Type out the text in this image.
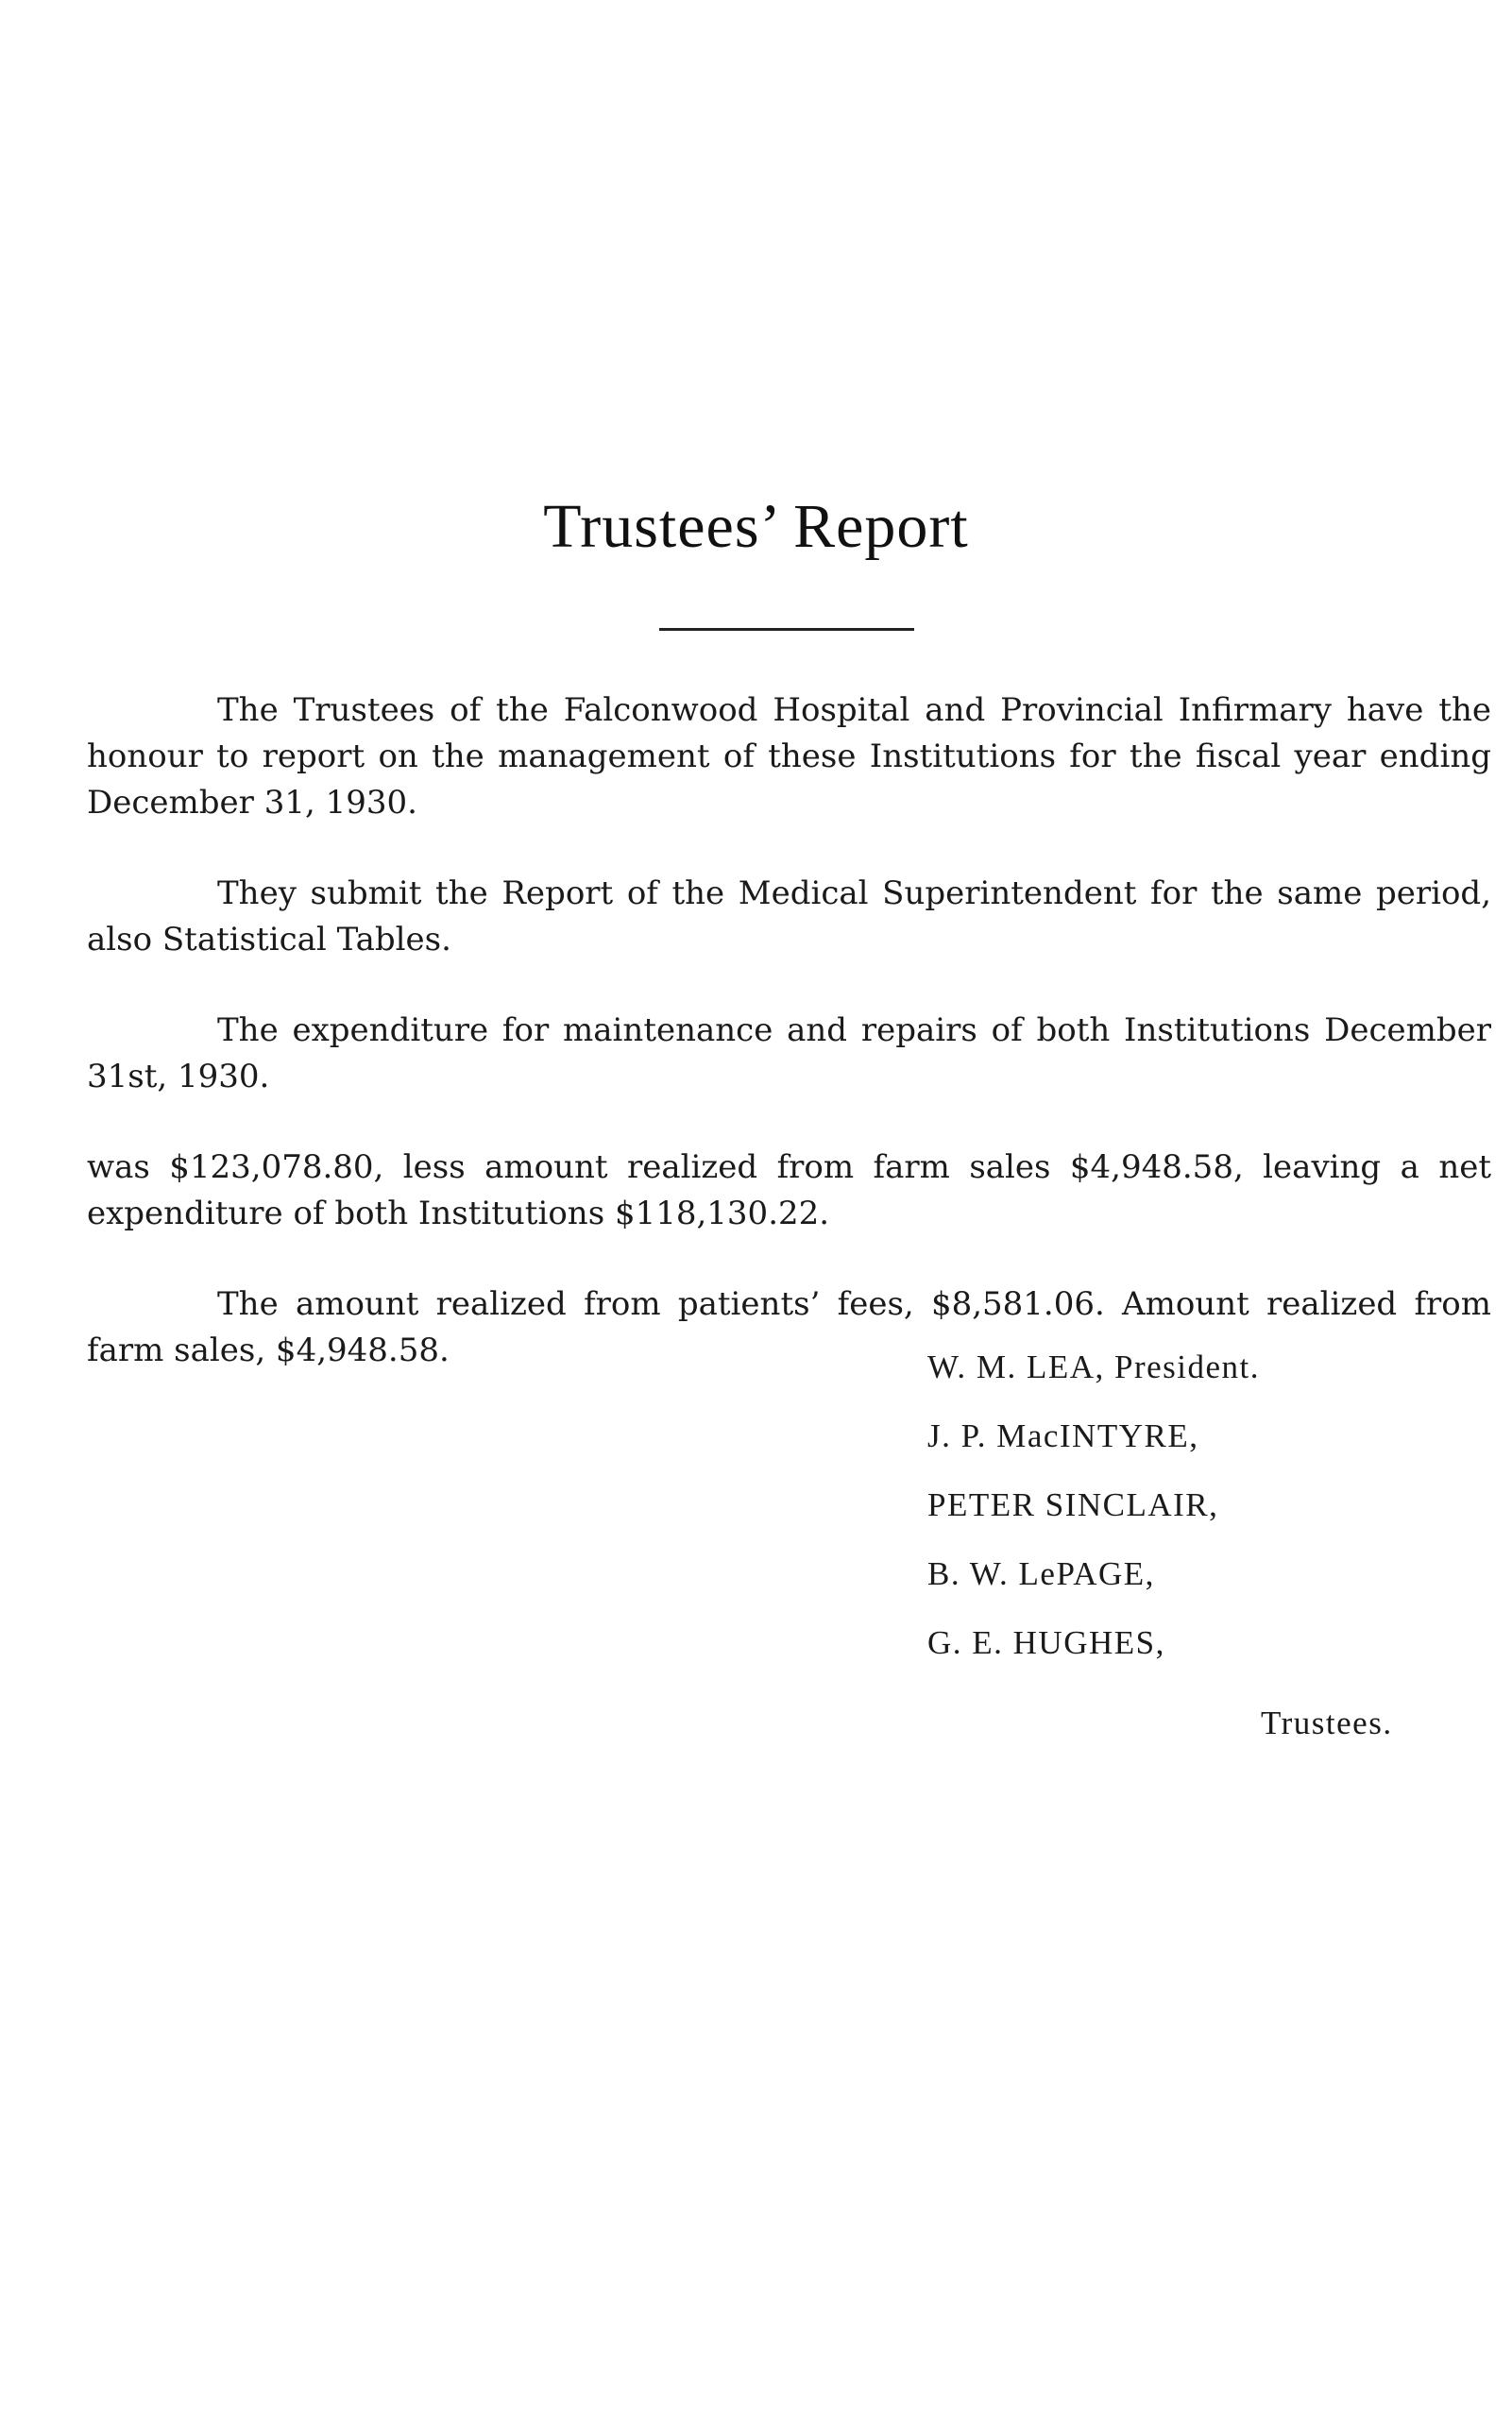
Trustees’ Report

The Trustees of the Falconwood Hospital and Provincial Infirmary have the honour to report on the management of these Institutions for the fiscal year ending December 31, 1930.

They submit the Report of the Medical Superintendent for the same period, also Statistical Tables.

The expenditure for maintenance and repairs of both Institutions December 31st, 1930.

was $123,078.80, less amount realized from farm sales $4,948.58, leaving a net expenditure of both Institutions $118,130.22.

The amount realized from patients’ fees, $8,581.06. Amount realized from farm sales, $4,948.58.	W. M. LEA, President.
J. P. MacINTYRE,
PETER SINCLAIR,
B. W. LePAGE,
G. E. HUGHES,
Trustees.
